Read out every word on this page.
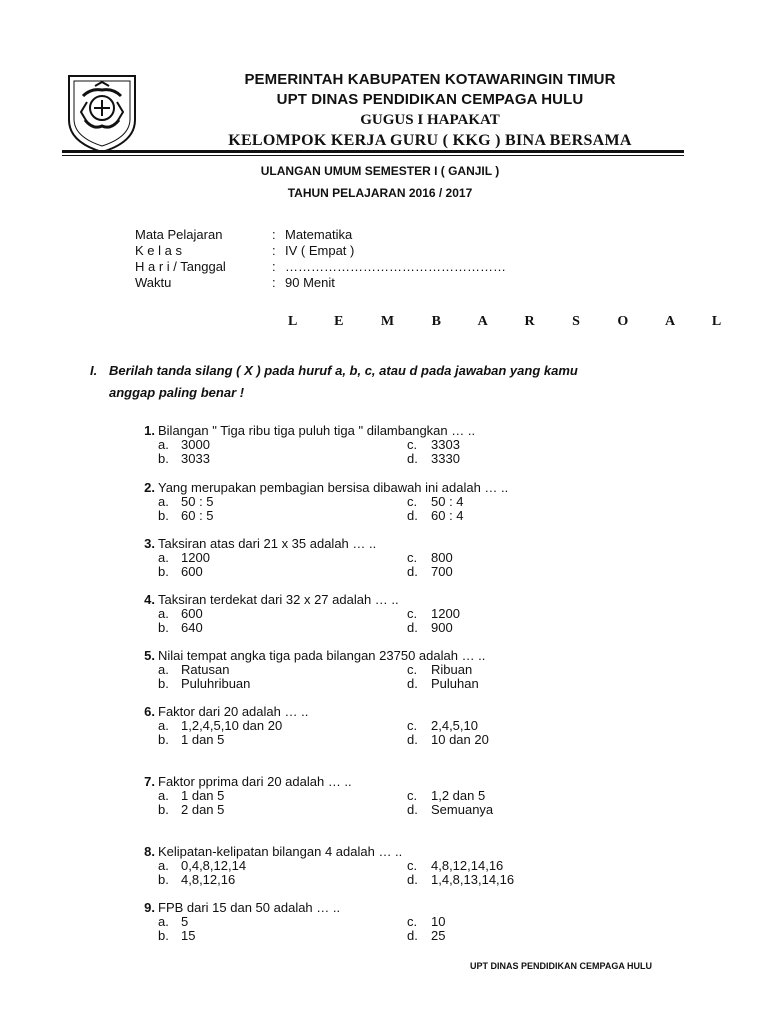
PEMERINTAH KABUPATEN KOTAWARINGIN TIMUR
UPT DINAS PENDIDIKAN CEMPAGA HULU
GUGUS I HAPAKAT
KELOMPOK KERJA GURU ( KKG ) BINA BERSAMA
ULANGAN UMUM SEMESTER I ( GANJIL )
TAHUN PELAJARAN 2016 / 2017
Mata Pelajaran	: Matematika
K e l a s	: IV ( Empat )
H a r i / Tanggal	: ……………………………………………
Waktu	: 90 Menit
L E M B A R S O A L
I. Berilah tanda silang ( X ) pada huruf a, b, c, atau d pada jawaban yang kamu
anggap paling benar !
1. Bilangan " Tiga ribu tiga puluh tiga " dilambangkan … ..
a. 3000	c. 3303
b. 3033	d. 3330
2. Yang merupakan pembagian bersisa dibawah ini adalah … ..
a. 50 : 5	c. 50 : 4
b. 60 : 5	d. 60 : 4
3. Taksiran atas dari 21 x 35 adalah … ..
a. 1200	c. 800
b. 600	d. 700
4. Taksiran terdekat dari 32 x 27 adalah … ..
a. 600	c. 1200
b. 640	d. 900
5. Nilai tempat angka tiga pada bilangan 23750 adalah … ..
a. Ratusan	c. Ribuan
b. Puluhribuan	d. Puluhan
6. Faktor dari 20 adalah … ..
a. 1,2,4,5,10 dan 20	c. 2,4,5,10
b. 1 dan 5	d. 10 dan 20
7. Faktor pprima dari 20 adalah … ..
a. 1 dan 5	c. 1,2 dan 5
b. 2 dan 5	d. Semuanya
8. Kelipatan-kelipatan bilangan 4 adalah … ..
a. 0,4,8,12,14	c. 4,8,12,14,16
b. 4,8,12,16	d. 1,4,8,13,14,16
9. FPB dari 15 dan 50 adalah … ..
a. 5	c. 10
b. 15	d. 25
UPT DINAS PENDIDIKAN CEMPAGA HULU
